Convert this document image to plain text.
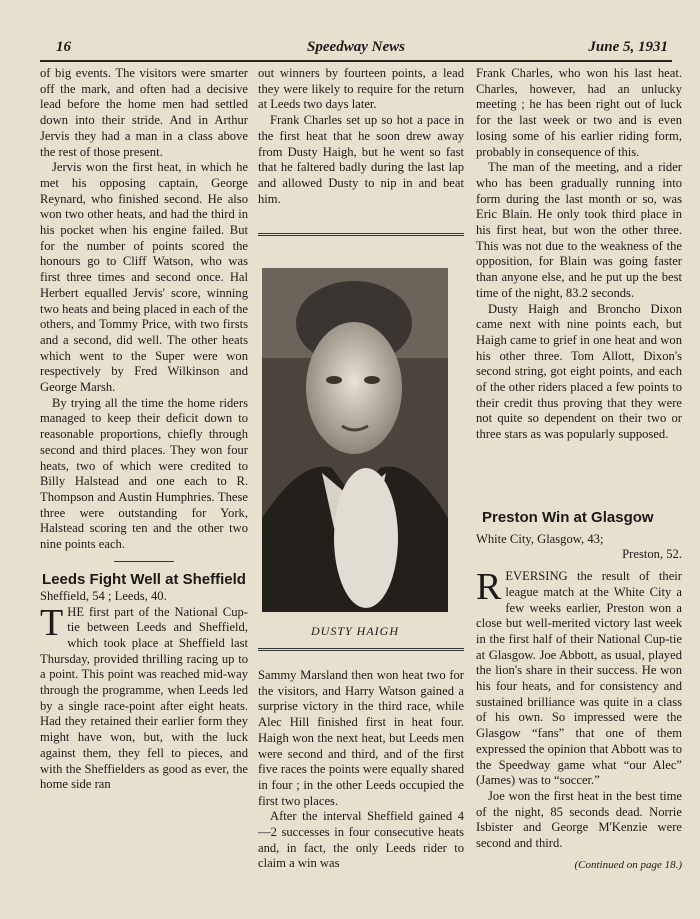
16	Speedway News	June 5, 1931

of big events. The visitors were smarter off the mark, and often had a decisive lead before the home men had settled down into their stride. And in Arthur Jervis they had a man in a class above the rest of those present.

Jervis won the first heat, in which he met his opposing captain, George Reynard, who finished second. He also won two other heats, and had the third in his pocket when his engine failed. But for the number of points scored the honours go to Cliff Watson, who was first three times and second once. Hal Herbert equalled Jervis' score, winning two heats and being placed in each of the others, and Tommy Price, with two firsts and a second, did well. The other heats which went to the Super were won respectively by Fred Wilkinson and George Marsh.

By trying all the time the home riders managed to keep their deficit down to reasonable proportions, chiefly through second and third places. They won four heats, two of which were credited to Billy Halstead and one each to R. Thompson and Austin Humphries. These three were outstanding for York, Halstead scoring ten and the other two nine points each.

Leeds Fight Well at Sheffield

Sheffield, 54 ; Leeds, 40.

THE first part of the National Cup-tie between Leeds and Sheffield, which took place at Sheffield last Thursday, provided thrilling racing up to a point. This point was reached mid-way through the programme, when Leeds led by a single race-point after eight heats. Had they retained their earlier form they might have won, but, with the luck against them, they fell to pieces, and with the Sheffielders as good as ever, the home side ran

out winners by fourteen points, a lead they were likely to require for the return at Leeds two days later.

Frank Charles set up so hot a pace in the first heat that he soon drew away from Dusty Haigh, but he went so fast that he faltered badly during the last lap and allowed Dusty to nip in and beat him.

DUSTY HAIGH

Sammy Marsland then won heat two for the visitors, and Harry Watson gained a surprise victory in the third race, while Alec Hill finished first in heat four. Haigh won the next heat, but Leeds men were second and third, and of the first five races the points were equally shared in four ; in the other Leeds occupied the first two places.

After the interval Sheffield gained 4—2 successes in four consecutive heats and, in fact, the only Leeds rider to claim a win was

Frank Charles, who won his last heat. Charles, however, had an unlucky meeting ; he has been right out of luck for the last week or two and is even losing some of his earlier riding form, probably in consequence of this.

The man of the meeting, and a rider who has been gradually running into form during the last month or so, was Eric Blain. He only took third place in his first heat, but won the other three. This was not due to the weakness of the opposition, for Blain was going faster than anyone else, and he put up the best time of the night, 83.2 seconds.

Dusty Haigh and Broncho Dixon came next with nine points each, but Haigh came to grief in one heat and won his other three. Tom Allott, Dixon's second string, got eight points, and each of the other riders placed a few points to their credit thus proving that they were not quite so dependent on their two or three stars as was popularly supposed.

Preston Win at Glasgow

White City, Glasgow, 43;

Preston, 52.

REVERSING the result of their league match at the White City a few weeks earlier, Preston won a close but well-merited victory last week in the first half of their National Cup-tie at Glasgow. Joe Abbott, as usual, played the lion's share in their success. He won his four heats, and for consistency and sustained brilliance was quite in a class of his own. So impressed were the Glasgow “fans” that one of them expressed the opinion that Abbott was to the Speedway game what “our Alec” (James) was to “soccer.”

Joe won the first heat in the best time of the night, 85 seconds dead. Norrie Isbister and George M'Kenzie were second and third.

(Continued on page 18.)
